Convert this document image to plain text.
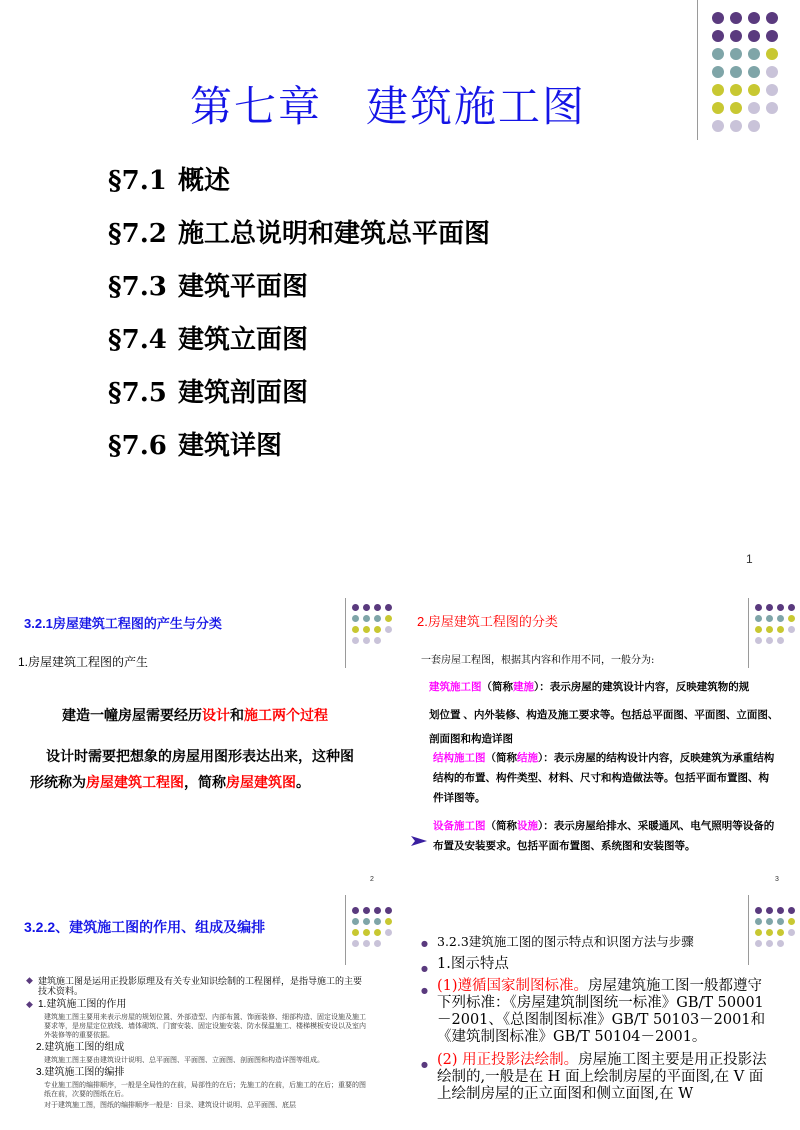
第七章　建筑施工图
§7.1 概述
§7.2 施工总说明和建筑总平面图
§7.3 建筑平面图
§7.4 建筑立面图
§7.5 建筑剖面图
§7.6 建筑详图
1
3.2.1房屋建筑工程图的产生与分类
1.房屋建筑工程图的产生
建造一幢房屋需要经历设计和施工两个过程
设计时需要把想象的房屋用图形表达出来，这种图形统称为房屋建筑工程图，简称房屋建筑图。
2
2.房屋建筑工程图的分类
一套房屋工程图，根据其内容和作用不同，一般分为:
建筑施工图（简称建施）：表示房屋的建筑设计内容，反映建筑物的规
划位置 、内外装修、构造及施工要求等。包括总平面图、平面图、立面图、剖面图和构造详图
结构施工图（简称结施）：表示房屋的结构设计内容，反映建筑为承重结构结构的布置、构件类型、材料、尺寸和构造做法等。包括平面布置图、构件详图等。
设备施工图（简称设施）：表示房屋给排水、采暖通风、电气照明等设备的布置及安装要求。包括平面布置图、系统图和安装图等。
3
3.2.2、建筑施工图的作用、组成及编排
◆ 建筑施工图是运用正投影原理及有关专业知识绘制的工程图样，是指导施工的主要技术资料。
◆ 1.建筑施工图的作用
建筑施工图主要用来表示房屋的规划位置、外部造型、内部布置、饰面装修、细部构造、固定设施及施工要求等，是房屋定位放线、墙体砌筑、门窗安装、固定设施安装、防水保温施工、楼梯模板安设以及室内外装修等的重要依据。
2.建筑施工图的组成
建筑施工图主要由建筑设计说明、总平面图、平面图、立面图、剖面图和构造详图等组成。
3.建筑施工图的编排
专业施工图的编排顺序，一般是全局性的在前，局部性的在后；先施工的在前，后施工的在后；重要的图纸在前，次要的图纸在后。
对于建筑施工图，图纸的编排顺序一般是：目录、建筑设计说明、总平面图、底层
● 3.2.3建筑施工图的图示特点和识图方法与步骤
● 1.图示特点
● (1)遵循国家制图标准。房屋建筑施工图一般都遵守下列标准：《房屋建筑制图统一标准》GB/T 50001－2001、《总图制图标准》GB/T 50103－2001和《建筑制图标准》GB/T 50104－2001。
● (2) 用正投影法绘制。房屋施工图主要是用正投影法绘制的,一般是在 H 面上绘制房屋的平面图,在 V 面上绘制房屋的正立面图和侧立面图,在 W
